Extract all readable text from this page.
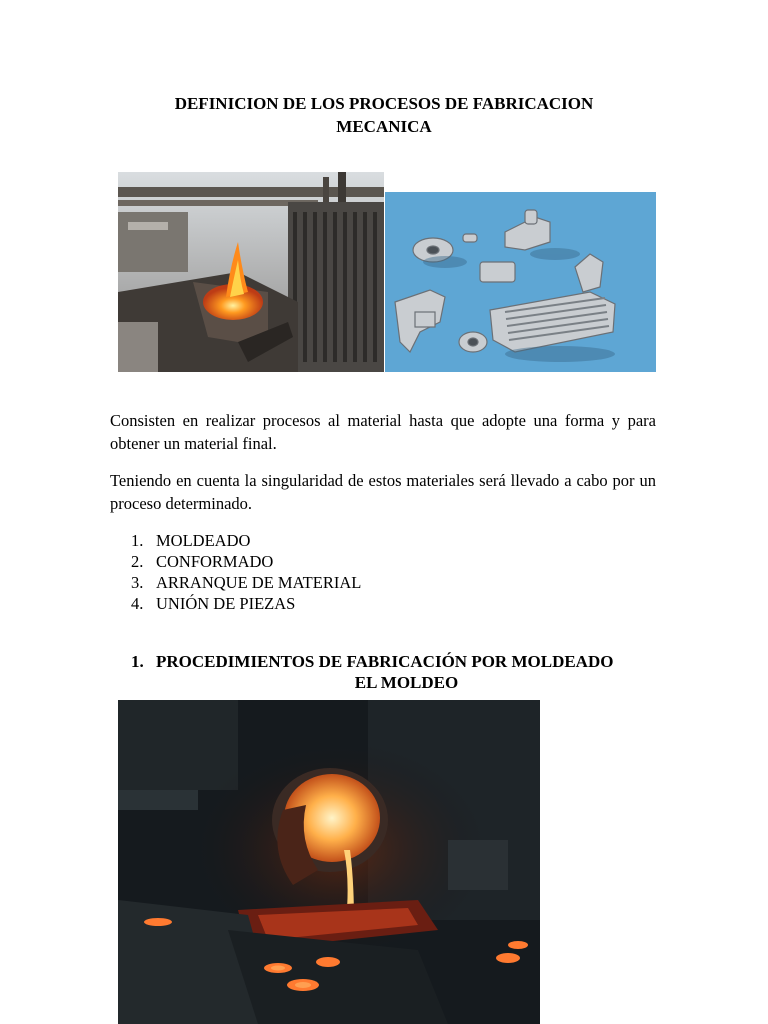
DEFINICION DE LOS PROCESOS DE FABRICACION
MECANICA

Consisten en realizar procesos al material hasta que adopte una forma y para obtener un material final.

Teniendo en cuenta la singularidad de estos materiales será llevado a cabo por un proceso determinado.

1. MOLDEADO
2. CONFORMADO
3. ARRANQUE DE MATERIAL
4. UNIÓN DE PIEZAS
1. PROCEDIMIENTOS DE FABRICACIÓN POR MOLDEADO
EL MOLDEO
